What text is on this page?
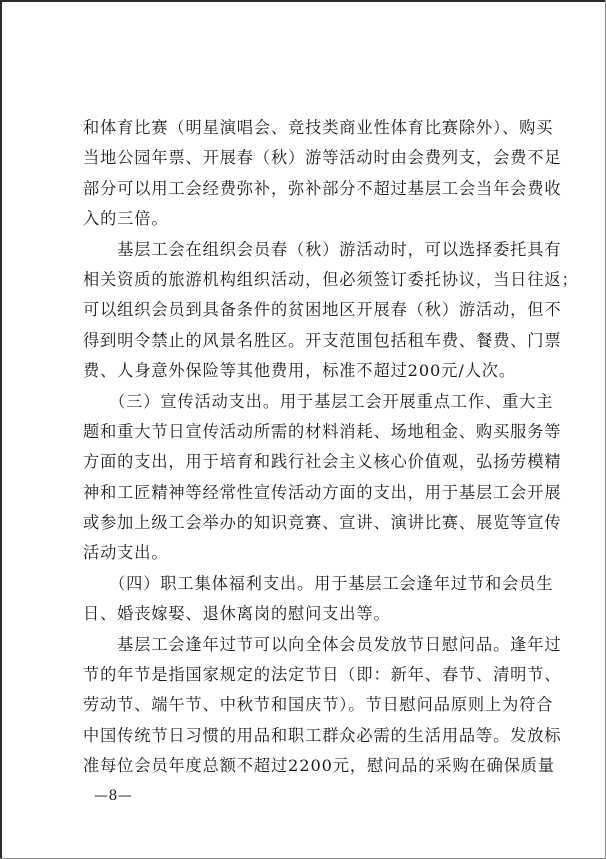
和体育比赛（明星演唱会、竞技类商业性体育比赛除外）、购买
当地公园年票、开展春（秋）游等活动时由会费列支，会费不足
部分可以用工会经费弥补，弥补部分不超过基层工会当年会费收
入的三倍。

　　基层工会在组织会员春（秋）游活动时，可以选择委托具有
相关资质的旅游机构组织活动，但必须签订委托协议，当日往返；
可以组织会员到具备条件的贫困地区开展春（秋）游活动，但不
得到明令禁止的风景名胜区。开支范围包括租车费、餐费、门票
费、人身意外保险等其他费用，标准不超过200元/人次。

　　（三）宣传活动支出。用于基层工会开展重点工作、重大主
题和重大节日宣传活动所需的材料消耗、场地租金、购买服务等
方面的支出，用于培育和践行社会主义核心价值观，弘扬劳模精
神和工匠精神等经常性宣传活动方面的支出，用于基层工会开展
或参加上级工会举办的知识竞赛、宣讲、演讲比赛、展览等宣传
活动支出。

　　（四）职工集体福利支出。用于基层工会逢年过节和会员生
日、婚丧嫁娶、退休离岗的慰问支出等。

　　基层工会逢年过节可以向全体会员发放节日慰问品。逢年过
节的年节是指国家规定的法定节日（即：新年、春节、清明节、
劳动节、端午节、中秋节和国庆节）。节日慰问品原则上为符合
中国传统节日习惯的用品和职工群众必需的生活用品等。发放标
准每位会员年度总额不超过2200元，慰问品的采购在确保质量

—8—
